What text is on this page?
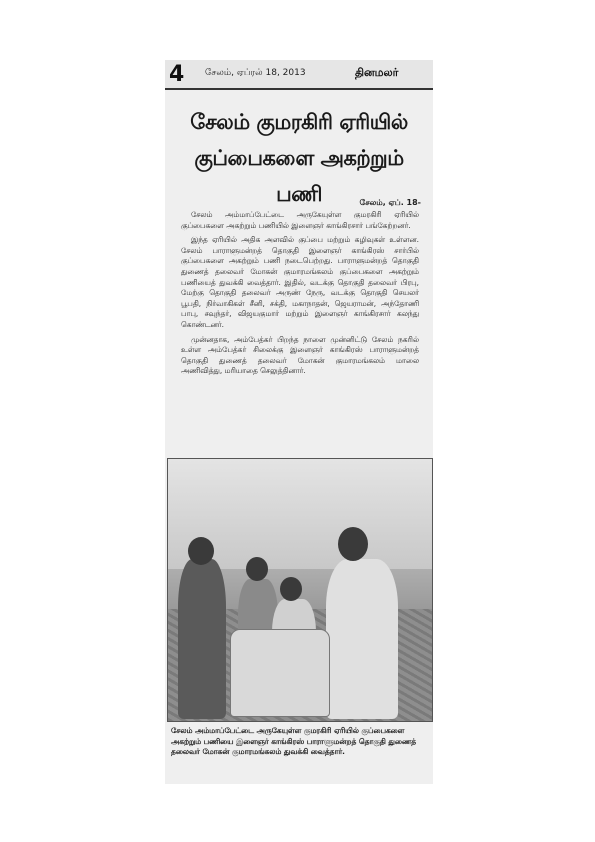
4 சேலம், ஏப்ரல் 18, 2013	தினமலர்
சேலம் குமரகிரி ஏரியில்
குப்பைகளை அகற்றும் பணி	சேலம், ஏப். 18-

சேலம் அம்மாப்பேட்டை அருகேயுள்ள குமரகிரி ஏரியில் குப்பைகளை அகற்றும் பணியில் இளைஞர் காங்கிரசார் பங்கேற்றனர்.

இந்த ஏரியில் அதிக அளவில் குப்பை மற்றும் கழிவுகள் உள்ளன. சேலம் பாராளுமன்றத் தொகுதி இளைஞர் காங்கிரஸ் சார்பில் குப்பைகளை அகற்றும் பணி நடைபெற்றது. பாராளுமன்றத் தொகுதி துணைத் தலைவர் மோகன் குமாரமங்கலம் குப்பைகளை அகற்றும் பணியைத் துவக்கி வைத்தார். இதில், வடக்கு தொகுதி தலைவர் பிரபு, மேற்கு தொகுதி தலைவர் அருண் நேரு, வடக்கு தொகுதி செயலர் பூபதி, நிர்வாகிகள் சீனி, சக்தி, மகாநாதன், ஜெயராமன், அந்தோணி பாபு, சவுந்தர், விஜயகுமார் மற்றும் இளைஞர் காங்கிரசார் கலந்து கொண்டனர்.

முன்னதாக, அம்பேத்கர் பிறந்த நாளை முன்னிட்டு சேலம் நகரில் உள்ள அம்பேத்கர் சிலைக்கு இளைஞர் காங்கிரஸ் பாராளுமன்றத் தொகுதி துணைத் தலைவர் மோகன் குமாரமங்கலம் மாலை அணிவித்து, மரியாதை செலுத்தினார்.

சேலம் அம்மாப்பேட்டை அருகேயுள்ள குமரகிரி ஏரியில் குப்பைகளை அகற்றும் பணியை இளைஞர் காங்கிரஸ் பாராளுமன்றத் தொகுதி துணைத் தலைவர் மோகன் குமாரமங்கலம் துவக்கி வைத்தார்.
